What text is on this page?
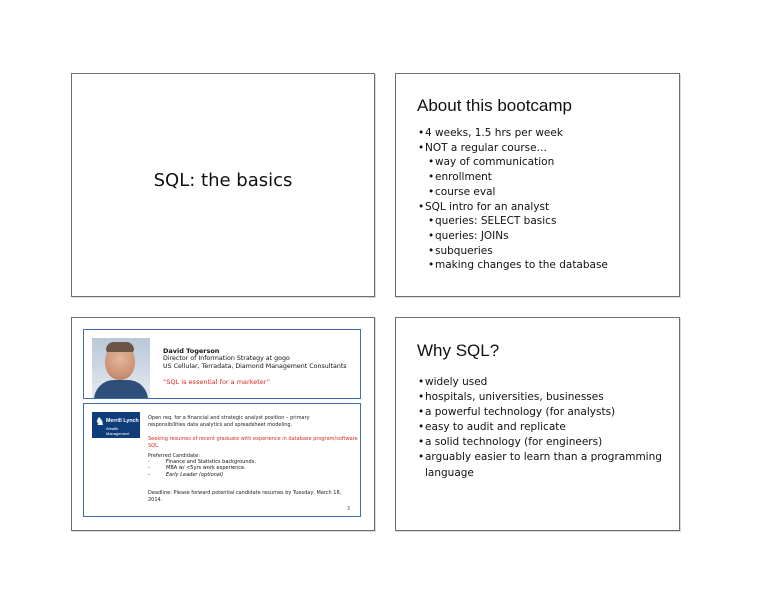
SQL: the basics
About this bootcamp
• 4 weeks, 1.5 hrs per week
• NOT a regular course…
• way of communication
• enrollment
• course eval
• SQL intro for an analyst
• queries: SELECT basics
• queries: JOINs
• subqueries
• making changes to the database
David Togerson
Director of Information Strategy at gogo
US Cellular, Terradata, Diamond Management Consultants
“SQL is essential for a marketer”
♞ Merrill Lynch
Wealth Management
Open req. for a financial and strategic analyst position – primary responsibilities data analytics and spreadsheet modeling.
Seeking resumes of recent graduate with experience in database program/software SQL.
Preferred Candidate:
- Finance and Statistics backgrounds.
- MBA w/ <5yrs work experience.
- Early Leader (optional)
Deadline: Please forward potential candidate resumes by Tuesday, March 18, 2014.
3
Why SQL?
• widely used
• hospitals, universities, businesses
• a powerful technology (for analysts)
• easy to audit and replicate
• a solid technology (for engineers)
• arguably easier to learn than a programming language
